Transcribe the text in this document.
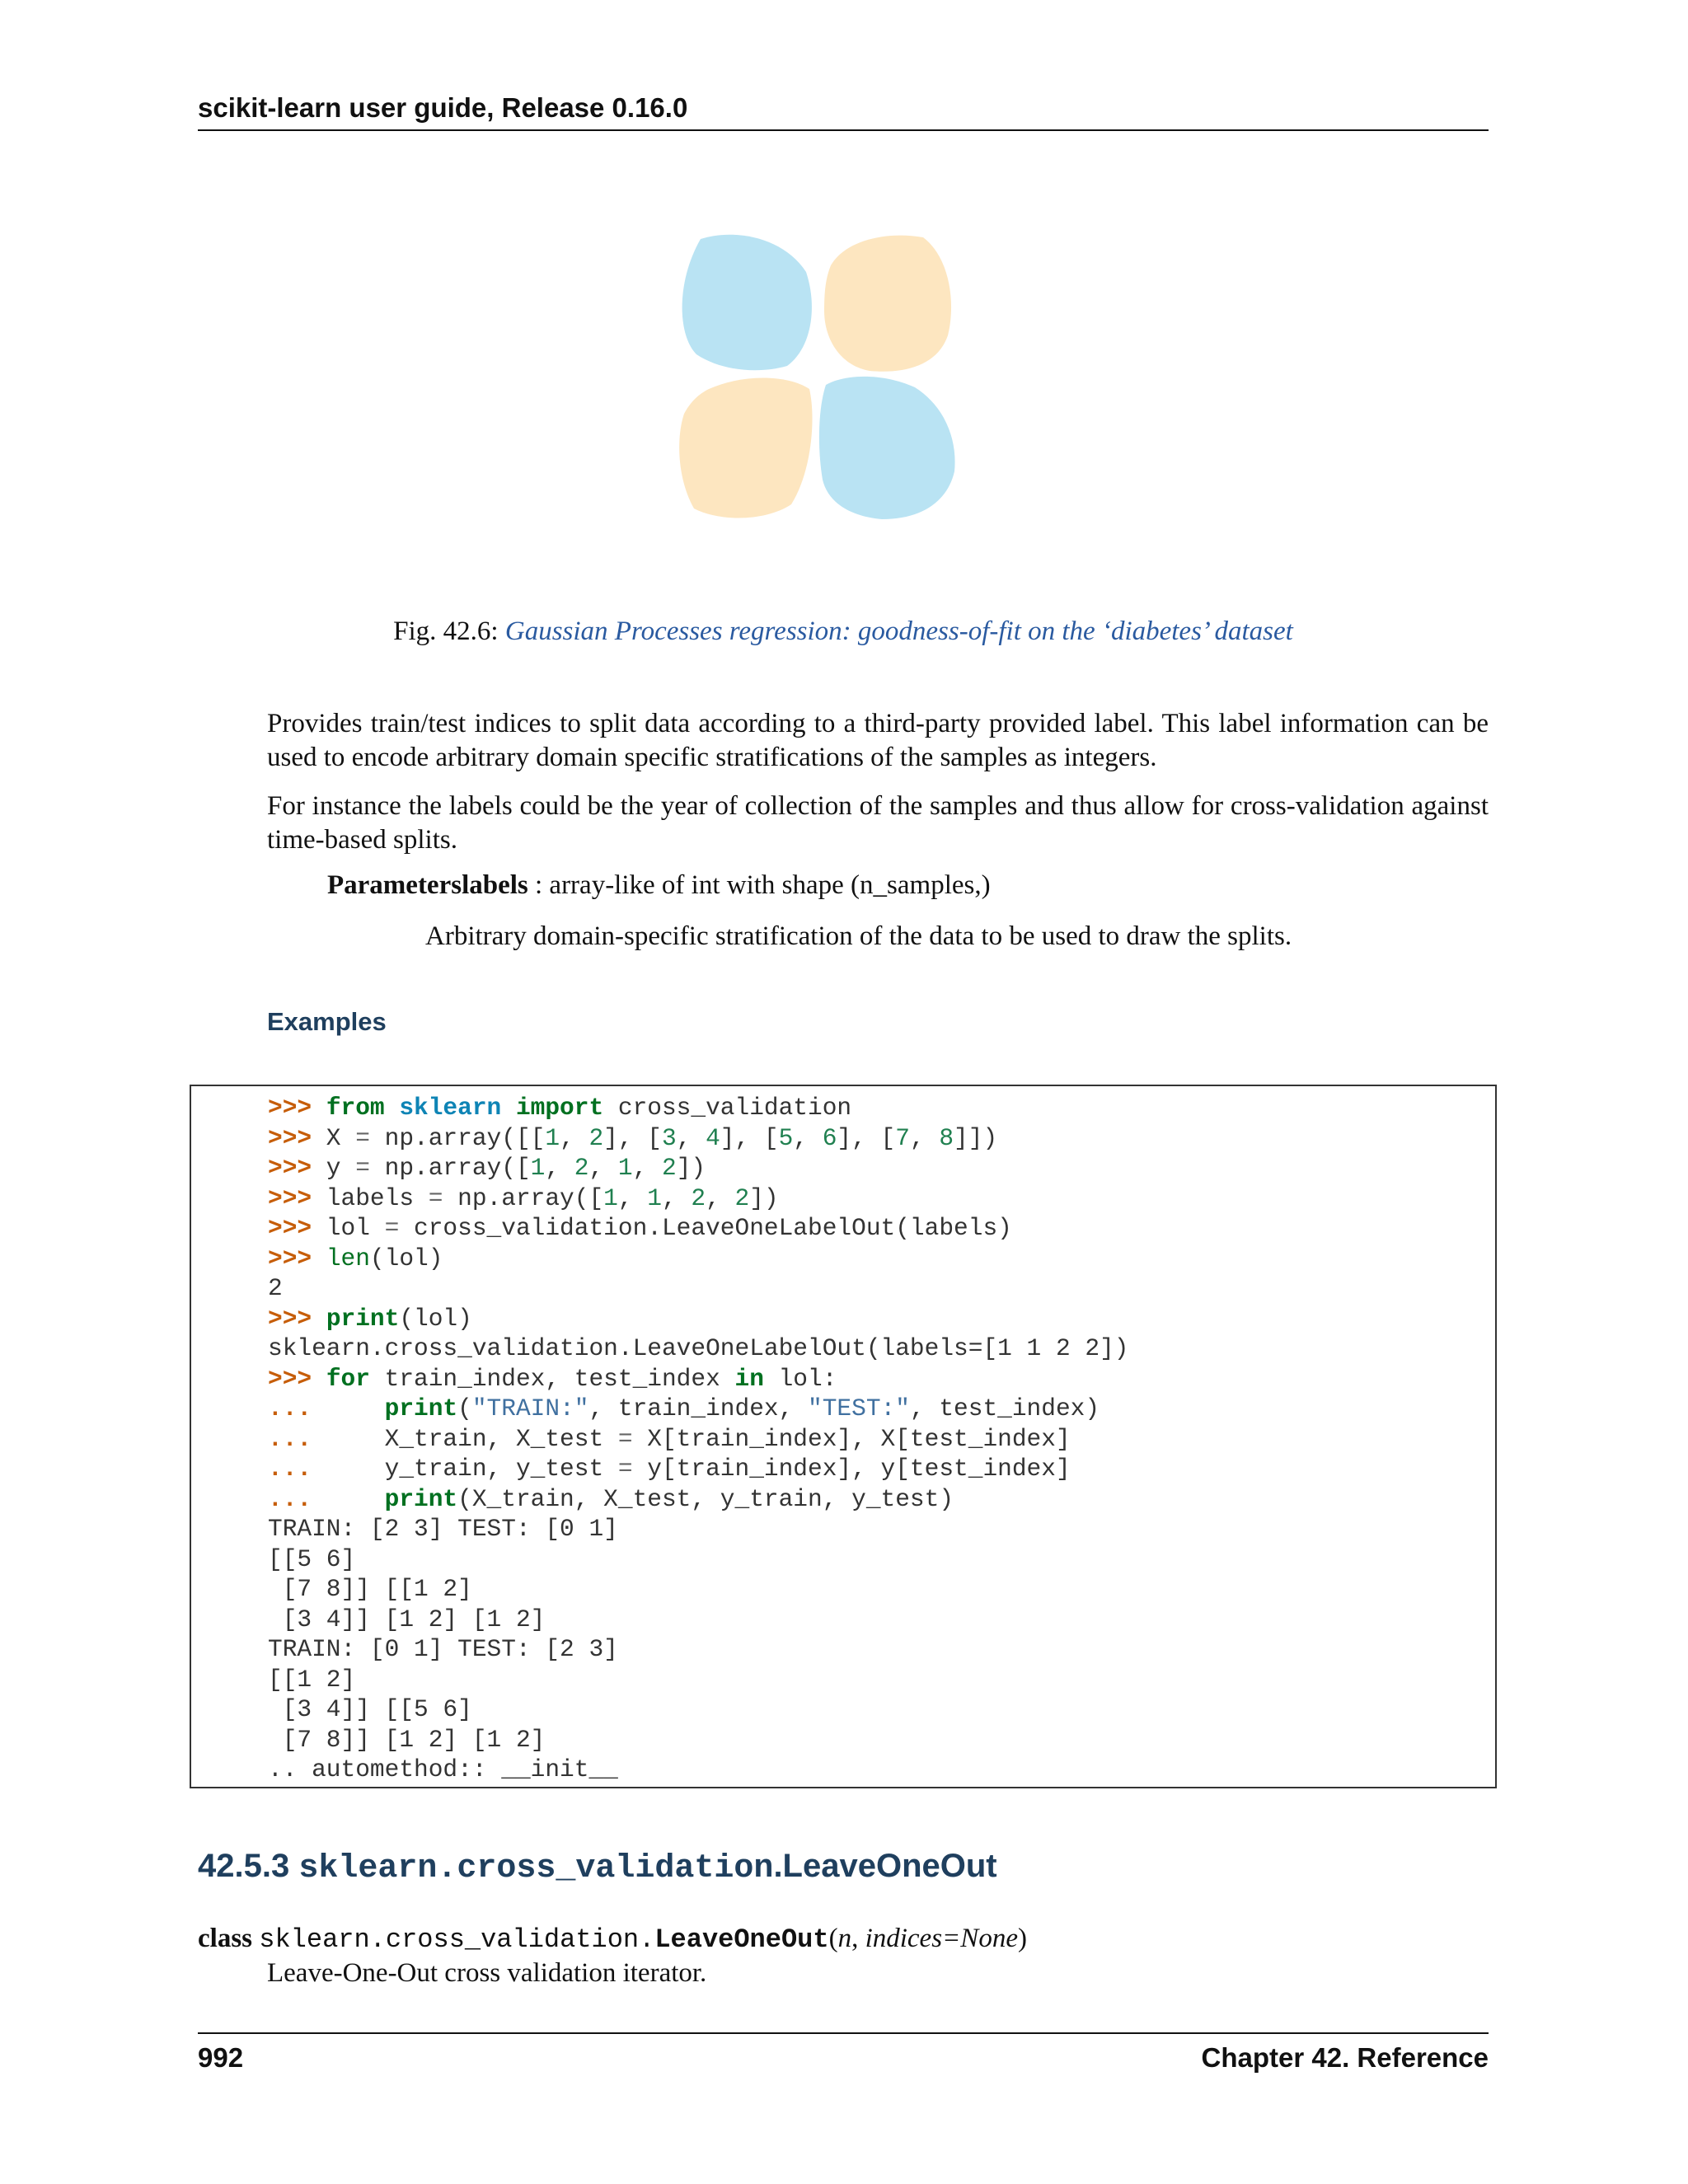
scikit-learn user guide, Release 0.16.0
Fig. 42.6: Gaussian Processes regression: goodness-of-fit on the ‘diabetes’ dataset
Provides train/test indices to split data according to a third-party provided label. This label information can be used to encode arbitrary domain specific stratifications of the samples as integers.
For instance the labels could be the year of collection of the samples and thus allow for cross-validation against time-based splits.
Parameterslabels : array-like of int with shape (n_samples,)
Arbitrary domain-specific stratification of the data to be used to draw the splits.
Examples
>>> from sklearn import cross_validation
>>> X = np.array([[1, 2], [3, 4], [5, 6], [7, 8]])
>>> y = np.array([1, 2, 1, 2])
>>> labels = np.array([1, 1, 2, 2])
>>> lol = cross_validation.LeaveOneLabelOut(labels)
>>> len(lol)
2
>>> print(lol)
sklearn.cross_validation.LeaveOneLabelOut(labels=[1 1 2 2])
>>> for train_index, test_index in lol:
...	print("TRAIN:", train_index, "TEST:", test_index)
...	X_train, X_test = X[train_index], X[test_index]
...	y_train, y_test = y[train_index], y[test_index]
...	print(X_train, X_test, y_train, y_test)
TRAIN: [2 3] TEST: [0 1]
[[5 6]
[7 8]] [[1 2]
[3 4]] [1 2] [1 2]
TRAIN: [0 1] TEST: [2 3]
[[1 2]
[3 4]] [[5 6]
[7 8]] [1 2] [1 2]
.. automethod:: __init__
42.5.3 sklearn.cross_validation.LeaveOneOut
class sklearn.cross_validation.LeaveOneOut(n, indices=None)
Leave-One-Out cross validation iterator.
992	Chapter 42. Reference
